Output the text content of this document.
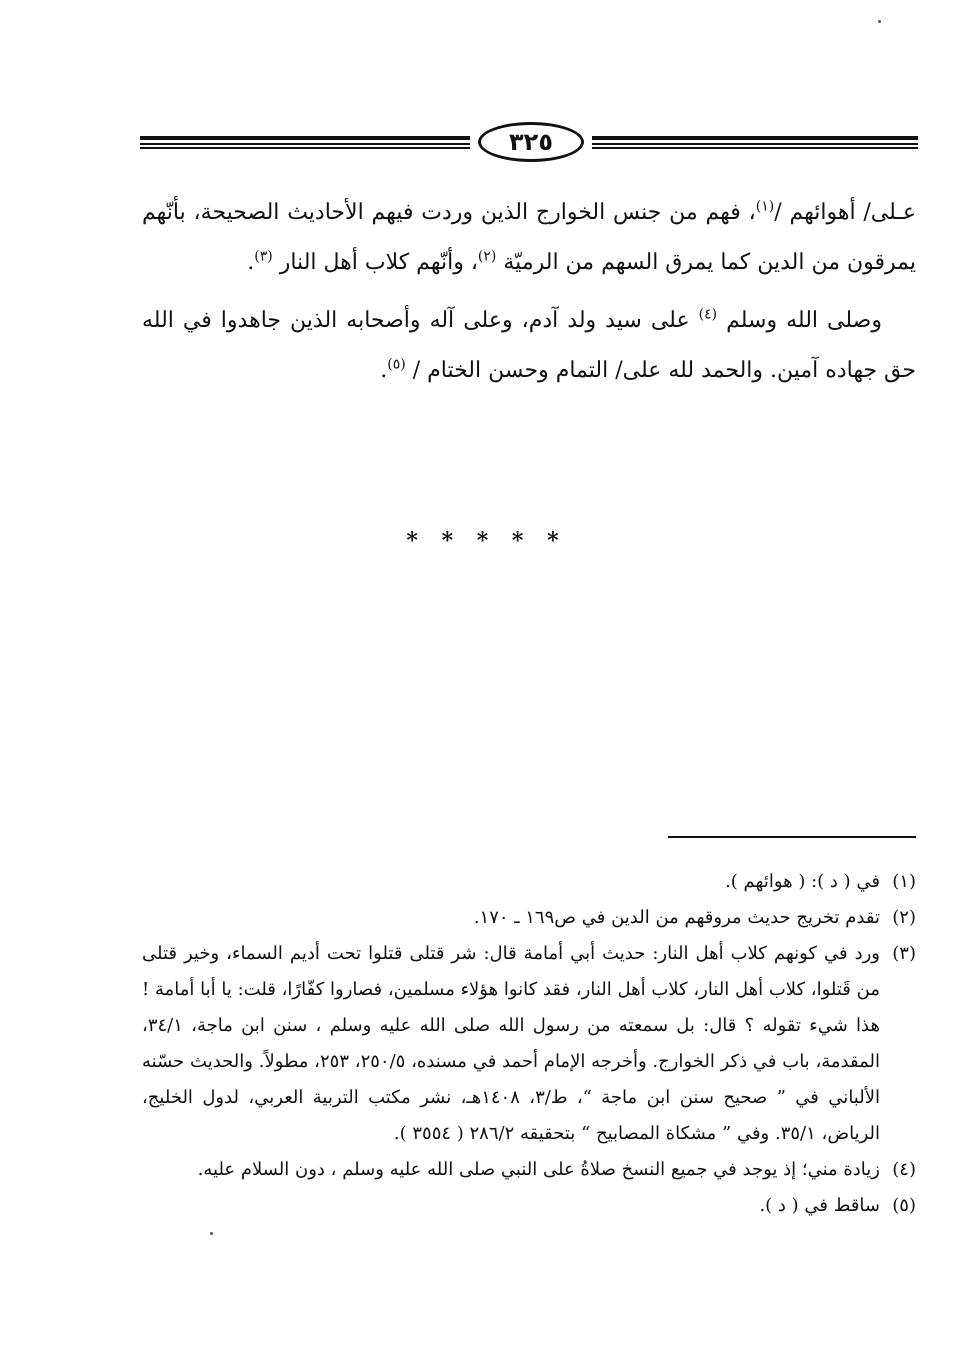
٣٢٥

عـلى/ أهوائهم /$^{(١)}$، فهم من جنس الخوارج الذين وردت فيهم الأحاديث الصحيحة، بأنّهم يمرقون من الدين كما يمرق السهم من الرميّة $^{(٢)}$، وأنّهم كلاب أهل النار $^{(٣)}$.

وصلى الله وسلم $^{(٤)}$ على سيد ولد آدم، وعلى آله وأصحابه الذين جاهدوا في الله حق جهاده آمين. والحمد لله على/ التمام وحسن الختام / $^{(٥)}$.

* * * * *
(١)
في ( د ): ( هوائهم ).
(٢)
تقدم تخريج حديث مروقهم من الدين في ص١٦٩ ـ ١٧٠.
(٣)
ورد في كونهم كلاب أهل النار: حديث أبي أمامة قال: شر قتلى قتلوا تحت أديم السماء، وخير قتلى من قَتلوا، كلاب أهل النار، كلاب أهل النار، فقد كانوا هؤلاء مسلمين، فصاروا كفّارًا، قلت: يا أبا أمامة ! هذا شيء تقوله ؟ قال: بل سمعته من رسول الله صلى الله عليه وسلم ، سنن ابن ماجة، ٣٤/١، المقدمة، باب في ذكر الخوارج. وأخرجه الإمام أحمد في مسنده، ٢٥٠/٥، ٢٥٣، مطولاً. والحديث حسّنه الألباني في ” صحيح سنن ابن ماجة “، ط/٣، ١٤٠٨هـ، نشر مكتب التربية العربي، لدول الخليج، الرياض، ٣٥/١. وفي ” مشكاة المصابيح “ بتحقيقه ٢٨٦/٢ ( ٣٥٥٤ ).
(٤)
زيادة مني؛ إذ يوجد في جميع النسخ صلاةُ على النبي صلى الله عليه وسلم ، دون السلام عليه.
(٥)
ساقط في ( د ).
